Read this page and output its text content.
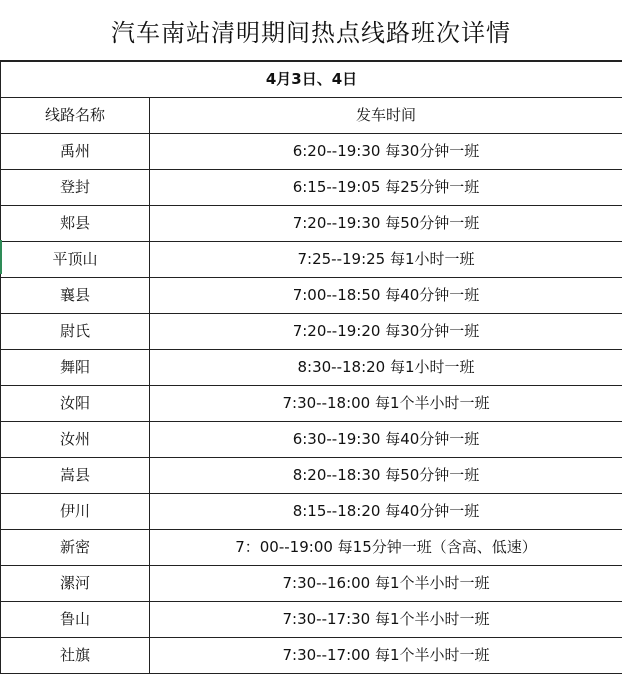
汽车南站清明期间热点线路班次详情
4月3日、4日	
线路名称	发车时间
禹州	6:20--19:30 每30分钟一班
登封	6:15--19:05 每25分钟一班
郏县	7:20--19:30 每50分钟一班
平顶山	7:25--19:25 每1小时一班
襄县	7:00--18:50 每40分钟一班
尉氏	7:20--19:20 每30分钟一班
舞阳	8:30--18:20 每1小时一班
汝阳	7:30--18:00 每1个半小时一班
汝州	6:30--19:30 每40分钟一班
嵩县	8:20--18:30 每50分钟一班
伊川	8:15--18:20 每40分钟一班
新密	7：00--19:00 每15分钟一班（含高、低速）
漯河	7:30--16:00 每1个半小时一班
鲁山	7:30--17:30 每1个半小时一班
社旗	7:30--17:00 每1个半小时一班
